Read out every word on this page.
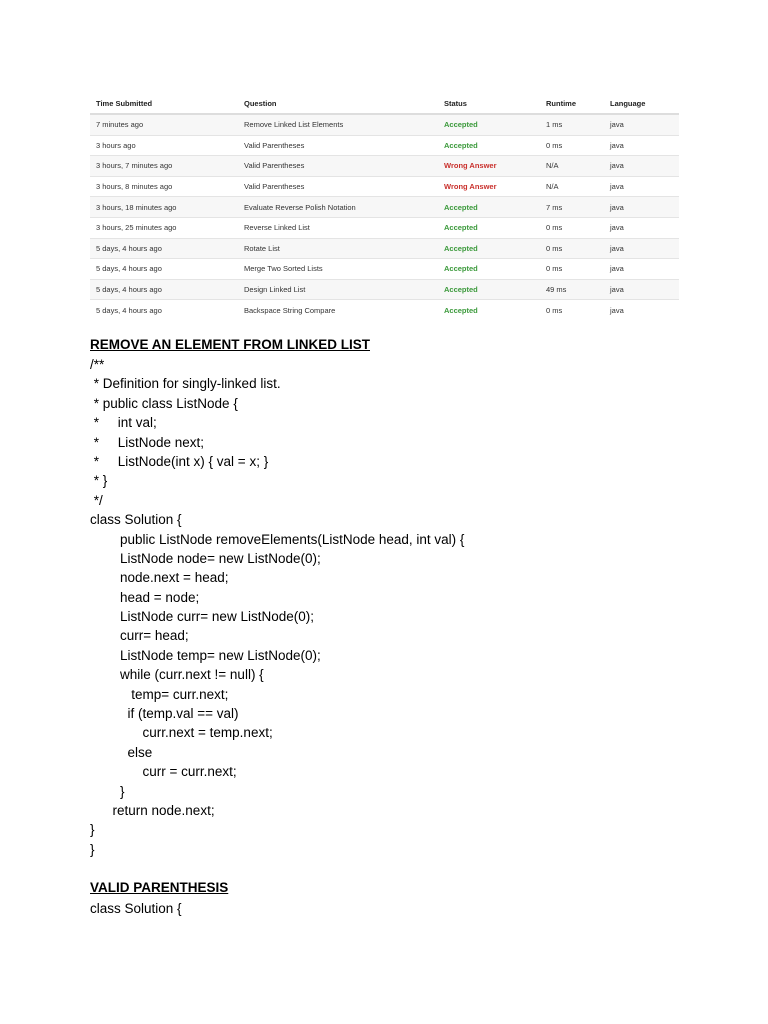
Time Submitted	Question	Status	Runtime	Language
7 minutes ago	Remove Linked List Elements	Accepted	1 ms	java
3 hours ago	Valid Parentheses	Accepted	0 ms	java
3 hours, 7 minutes ago	Valid Parentheses	Wrong Answer	N/A	java
3 hours, 8 minutes ago	Valid Parentheses	Wrong Answer	N/A	java
3 hours, 18 minutes ago	Evaluate Reverse Polish Notation	Accepted	7 ms	java
3 hours, 25 minutes ago	Reverse Linked List	Accepted	0 ms	java
5 days, 4 hours ago	Rotate List	Accepted	0 ms	java
5 days, 4 hours ago	Merge Two Sorted Lists	Accepted	0 ms	java
5 days, 4 hours ago	Design Linked List	Accepted	49 ms	java
5 days, 4 hours ago	Backspace String Compare	Accepted	0 ms	java
REMOVE AN ELEMENT FROM LINKED LIST
/**
* Definition for singly-linked list.
* public class ListNode {
*     int val;
*     ListNode next;
*     ListNode(int x) { val = x; }
* }
*/
class Solution {
public ListNode removeElements(ListNode head, int val) {
ListNode node= new ListNode(0);
node.next = head;
head = node;
ListNode curr= new ListNode(0);
curr= head;
ListNode temp= new ListNode(0);
while (curr.next != null) {
temp= curr.next;
if (temp.val == val)
curr.next = temp.next;
else
curr = curr.next;
}
return node.next;
}
}
VALID PARENTHESIS
class Solution {
